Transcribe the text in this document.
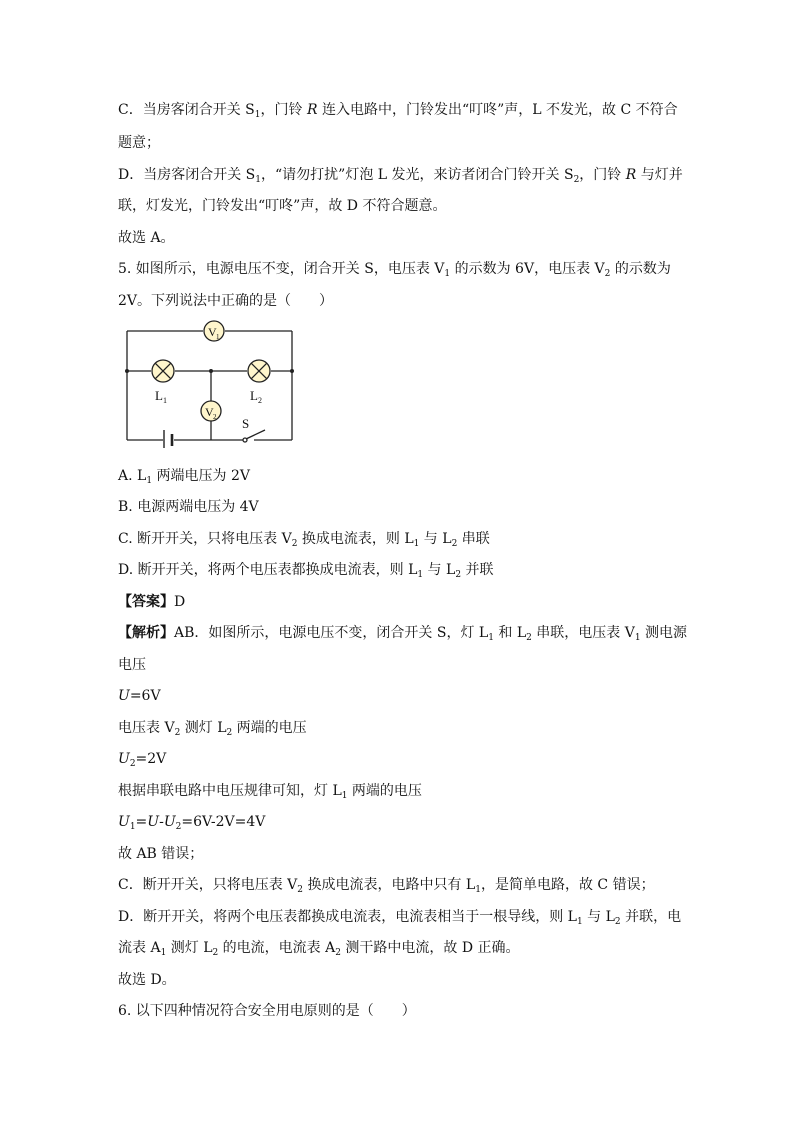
C．当房客闭合开关 $S_1$，门铃 R 连入电路中，门铃发出“叮咚”声，L 不发光，故 C 不符合
题意；
D．当房客闭合开关 $S_1$，“请勿打扰”灯泡 L 发光，来访者闭合门铃开关 $S_2$，门铃 R 与灯并
联，灯发光，门铃发出“叮咚”声，故 D 不符合题意。
故选 A。
5. 如图所示，电源电压不变，闭合开关 S，电压表 $V_1$ 的示数为 6V，电压表 $V_2$ 的示数为
2V。下列说法中正确的是（　　）
S
V 1
V 2
L 1	L 2
A. $L_1$ 两端电压为 2V
B. 电源两端电压为 4V
C. 断开开关，只将电压表 $V_2$ 换成电流表，则 $L_1$ 与 $L_2$ 串联
D. 断开开关，将两个电压表都换成电流表，则 $L_1$ 与 $L_2$ 并联
【答案】D
【解析】AB．如图所示，电源电压不变，闭合开关 S，灯 $L_1$ 和 $L_2$ 串联，电压表 $V_1$ 测电源
电压
U=6V
电压表 $V_2$ 测灯 $L_2$ 两端的电压
$U_2=2V$
根据串联电路中电压规律可知，灯 $L_1$ 两端的电压
$U_1=U-U_2=6V-2V=4V$
故 AB 错误；
C．断开开关，只将电压表 $V_2$ 换成电流表，电路中只有 $L_1$，是简单电路，故 C 错误；
D．断开开关，将两个电压表都换成电流表，电流表相当于一根导线，则 $L_1$ 与 $L_2$ 并联，电
流表 $A_1$ 测灯 $L_2$ 的电流，电流表 $A_2$ 测干路中电流，故 D 正确。
故选 D。
6. 以下四种情况符合安全用电原则的是（　　）
